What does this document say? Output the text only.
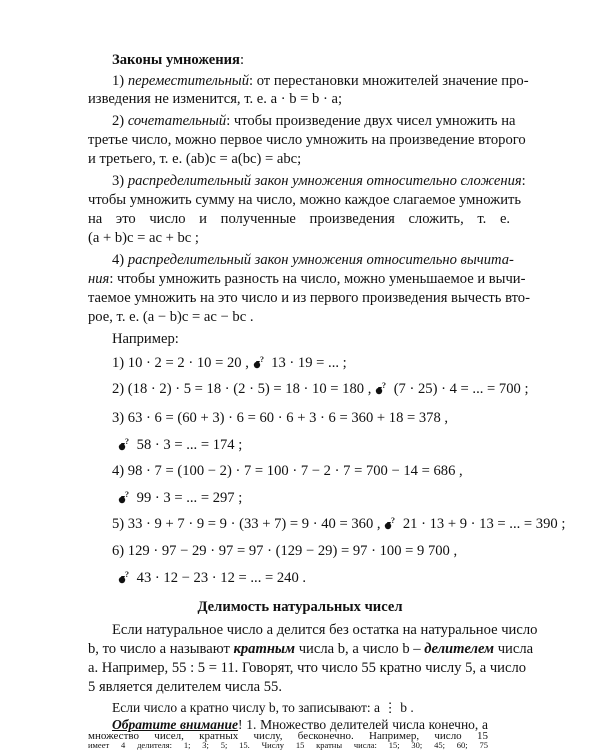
Законы умножения:
1) переместительный: от перестановки множителей значение про-
изведения не изменится, т. е. a · b = b · a;
2) сочетательный: чтобы произведение двух чисел умножить на
третье число, можно первое число умножить на произведение второго
и третьего, т. е. (ab)c = a(bc) = abc;
3) распределительный закон умножения относительно сложения:
чтобы умножить сумму на число, можно каждое слагаемое умножить
на это число и полученные произведения сложить, т. е.
(a + b)c = ac + bc ;
4) распределительный закон умножения относительно вычита-
ния: чтобы умножить разность на число, можно уменьшаемое и вычи-
таемое умножить на это число и из первого произведения вычесть вто-
рое, т. е. (a − b)c = ac − bc .
Например:
1) 10 · 2 = 2 · 10 = 20 , ? 13 · 19 = ... ;
2) (18 · 2) · 5 = 18 · (2 · 5) = 18 · 10 = 180 , ? (7 · 25) · 4 = ... = 700 ;
3) 63 · 6 = (60 + 3) · 6 = 60 · 6 + 3 · 6 = 360 + 18 = 378 ,
? 58 · 3 = ... = 174 ;
4) 98 · 7 = (100 − 2) · 7 = 100 · 7 − 2 · 7 = 700 − 14 = 686 ,
? 99 · 3 = ... = 297 ;
5) 33 · 9 + 7 · 9 = 9 · (33 + 7) = 9 · 40 = 360 , ? 21 · 13 + 9 · 13 = ... = 390 ;
6) 129 · 97 − 29 · 97 = 97 · (129 − 29) = 97 · 100 = 9 700 ,
? 43 · 12 − 23 · 12 = ... = 240 .
Делимость натуральных чисел
Если натуральное число a делится без остатка на натуральное число
b, то число a называют кратным числа b, а число b – делителем числа
a. Например, 55 : 5 = 11. Говорят, что число 55 кратно числу 5, а число
5 является делителем числа 55.
Если число a кратно числу b, то записывают: a ⋮ b .
Обратите внимание! 1. Множество делителей числа конечно, а
множество чисел, кратных числу, бесконечно. Например, число 15
имеет 4 делителя: 1; 3; 5; 15. Числу 15 кратны числа: 15; 30; 45; 60; 75
